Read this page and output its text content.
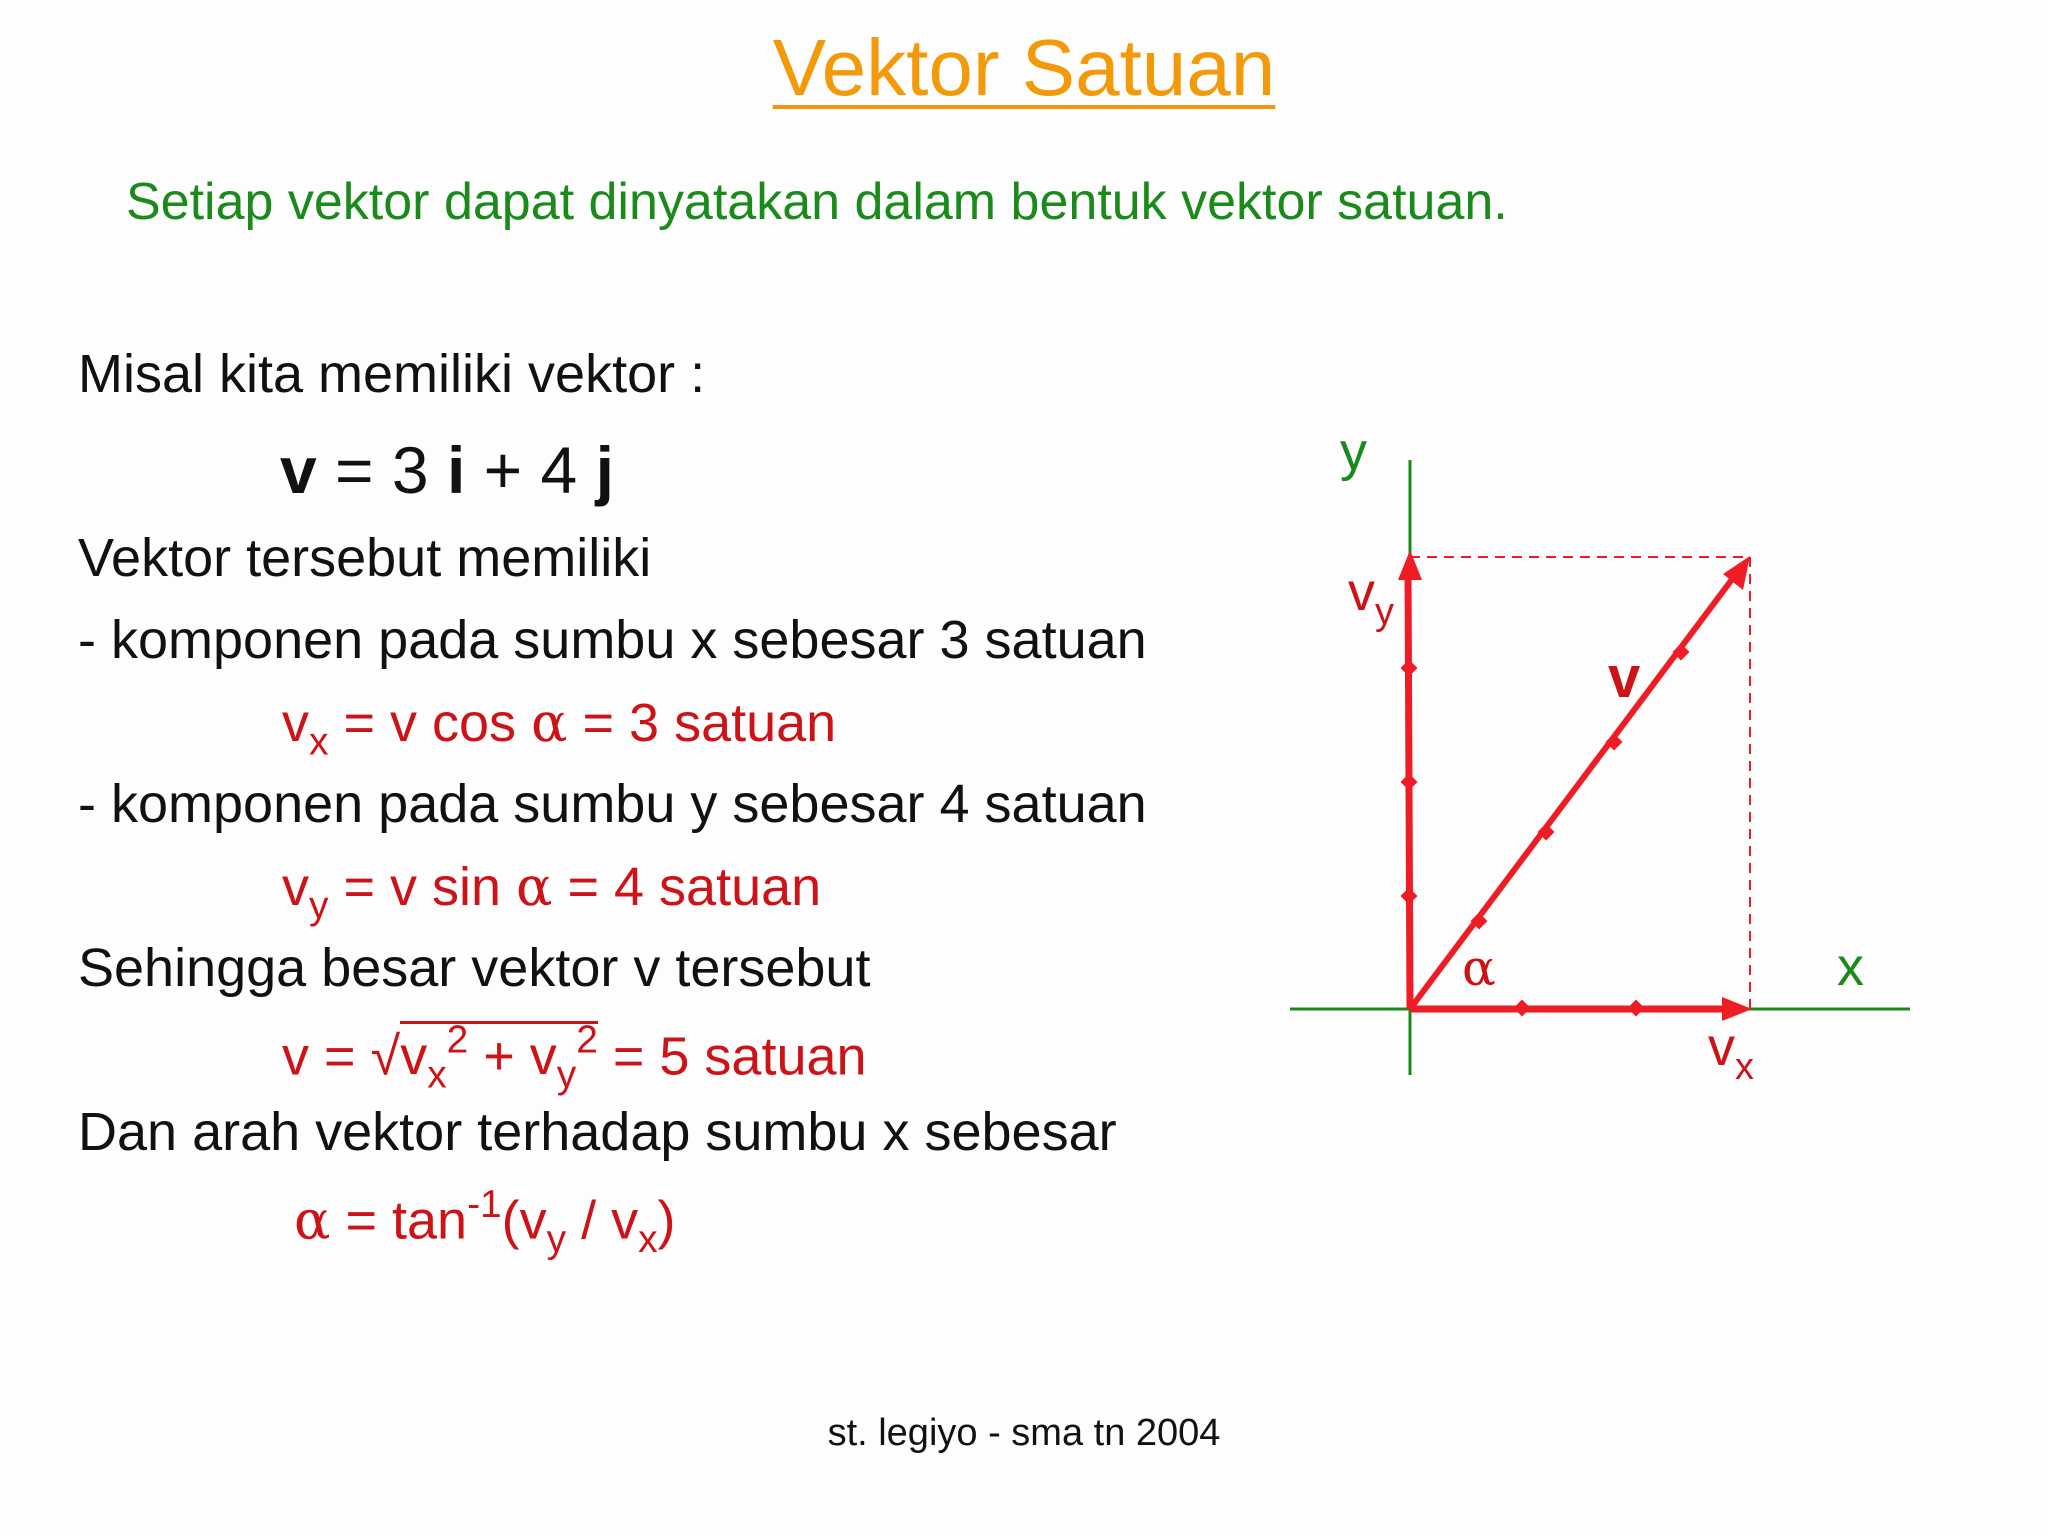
Vektor Satuan
Setiap vektor dapat dinyatakan dalam bentuk vektor satuan.
Misal kita memiliki vektor :
v = 3 i + 4 j
Vektor tersebut memiliki
- komponen pada sumbu x sebesar 3 satuan
$v_x = v$ cos α = 3 satuan
- komponen pada sumbu y sebesar 4 satuan
$v_y = v$ sin α = 4 satuan
Sehingga besar vektor v tersebut
$v = √v_x^2 + v_y^2 = 5$ satuan
Dan arah vektor terhadap sumbu x sebesar
$\alpha = \tan^{-1}(v_y / v_x)$
y
x
v
α
$v_x$
$v_y$
st. legiyo - sma tn 2004
